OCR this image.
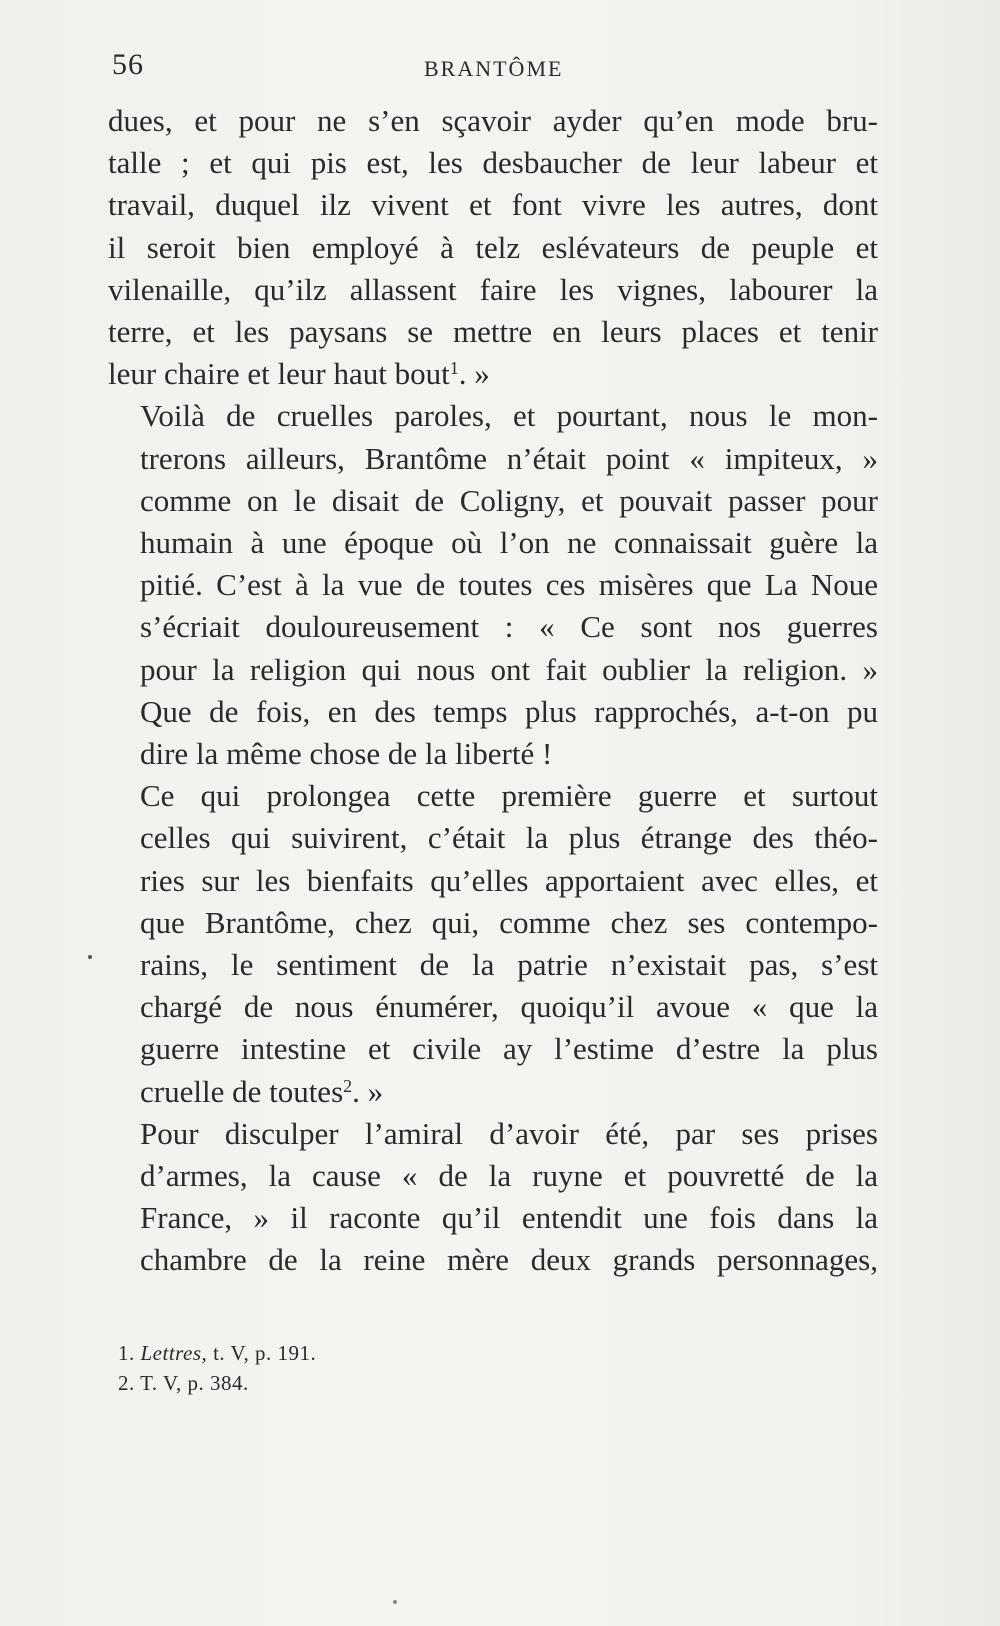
56	BRANTÔME

dues, et pour ne s’en sçavoir ayder qu’en mode bru-
talle ; et qui pis est, les desbaucher de leur labeur et
travail, duquel ilz vivent et font vivre les autres, dont
il seroit bien employé à telz eslévateurs de peuple et
vilenaille, qu’ilz allassent faire les vignes, labourer la
terre, et les paysans se mettre en leurs places et tenir
leur chaire et leur haut bout$^1$. »

Voilà de cruelles paroles, et pourtant, nous le mon-
trerons ailleurs, Brantôme n’était point « impiteux, »
comme on le disait de Coligny, et pouvait passer pour
humain à une époque où l’on ne connaissait guère la
pitié. C’est à la vue de toutes ces misères que La Noue
s’écriait douloureusement : « Ce sont nos guerres
pour la religion qui nous ont fait oublier la religion. »
Que de fois, en des temps plus rapprochés, a-t-on pu
dire la même chose de la liberté !

Ce qui prolongea cette première guerre et surtout
celles qui suivirent, c’était la plus étrange des théo-
ries sur les bienfaits qu’elles apportaient avec elles, et
que Brantôme, chez qui, comme chez ses contempo-
rains, le sentiment de la patrie n’existait pas, s’est
chargé de nous énumérer, quoiqu’il avoue « que la
guerre intestine et civile ay l’estime d’estre la plus
cruelle de toutes$^2$. »

Pour disculper l’amiral d’avoir été, par ses prises
d’armes, la cause « de la ruyne et pouvretté de la
France, » il raconte qu’il entendit une fois dans la
chambre de la reine mère deux grands personnages,

1. Lettres, t. V, p. 191.
2. T. V, p. 384.
